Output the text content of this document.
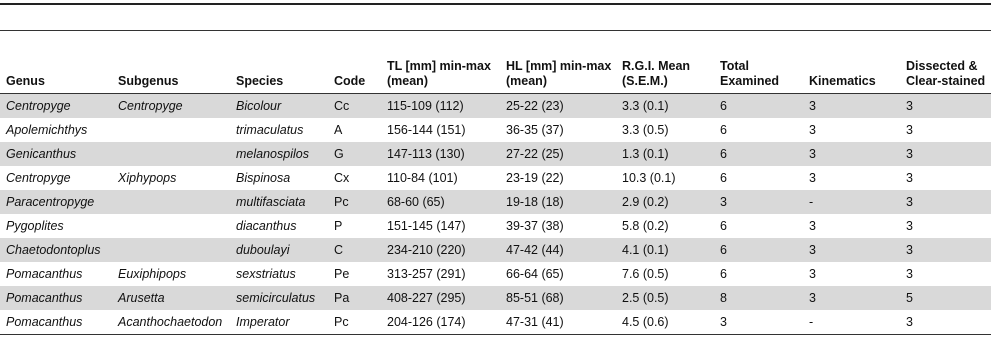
Genus	Subgenus	Species	Code	TL [mm] min-max (mean)	HL [mm] min-max (mean)	R.G.I. Mean (S.E.M.)	Total Examined	Kinematics	Dissected & Clear-stained
Centropyge	Centropyge	Bicolour	Cc	115-109 (112)	25-22 (23)	3.3 (0.1)	6	3	3
Apolemichthys		trimaculatus	A	156-144 (151)	36-35 (37)	3.3 (0.5)	6	3	3
Genicanthus		melanospilos	G	147-113 (130)	27-22 (25)	1.3 (0.1)	6	3	3
Centropyge	Xiphypops	Bispinosa	Cx	110-84 (101)	23-19 (22)	10.3 (0.1)	6	3	3
Paracentropyge		multifasciata	Pc	68-60 (65)	19-18 (18)	2.9 (0.2)	3	-	3
Pygoplites		diacanthus	P	151-145 (147)	39-37 (38)	5.8 (0.2)	6	3	3
Chaetodontoplus		duboulayi	C	234-210 (220)	47-42 (44)	4.1 (0.1)	6	3	3
Pomacanthus	Euxiphipops	sexstriatus	Pe	313-257 (291)	66-64 (65)	7.6 (0.5)	6	3	3
Pomacanthus	Arusetta	semicirculatus	Pa	408-227 (295)	85-51 (68)	2.5 (0.5)	8	3	5
Pomacanthus	Acanthochaetodon	Imperator	Pc	204-126 (174)	47-31 (41)	4.5 (0.6)	3	-	3
